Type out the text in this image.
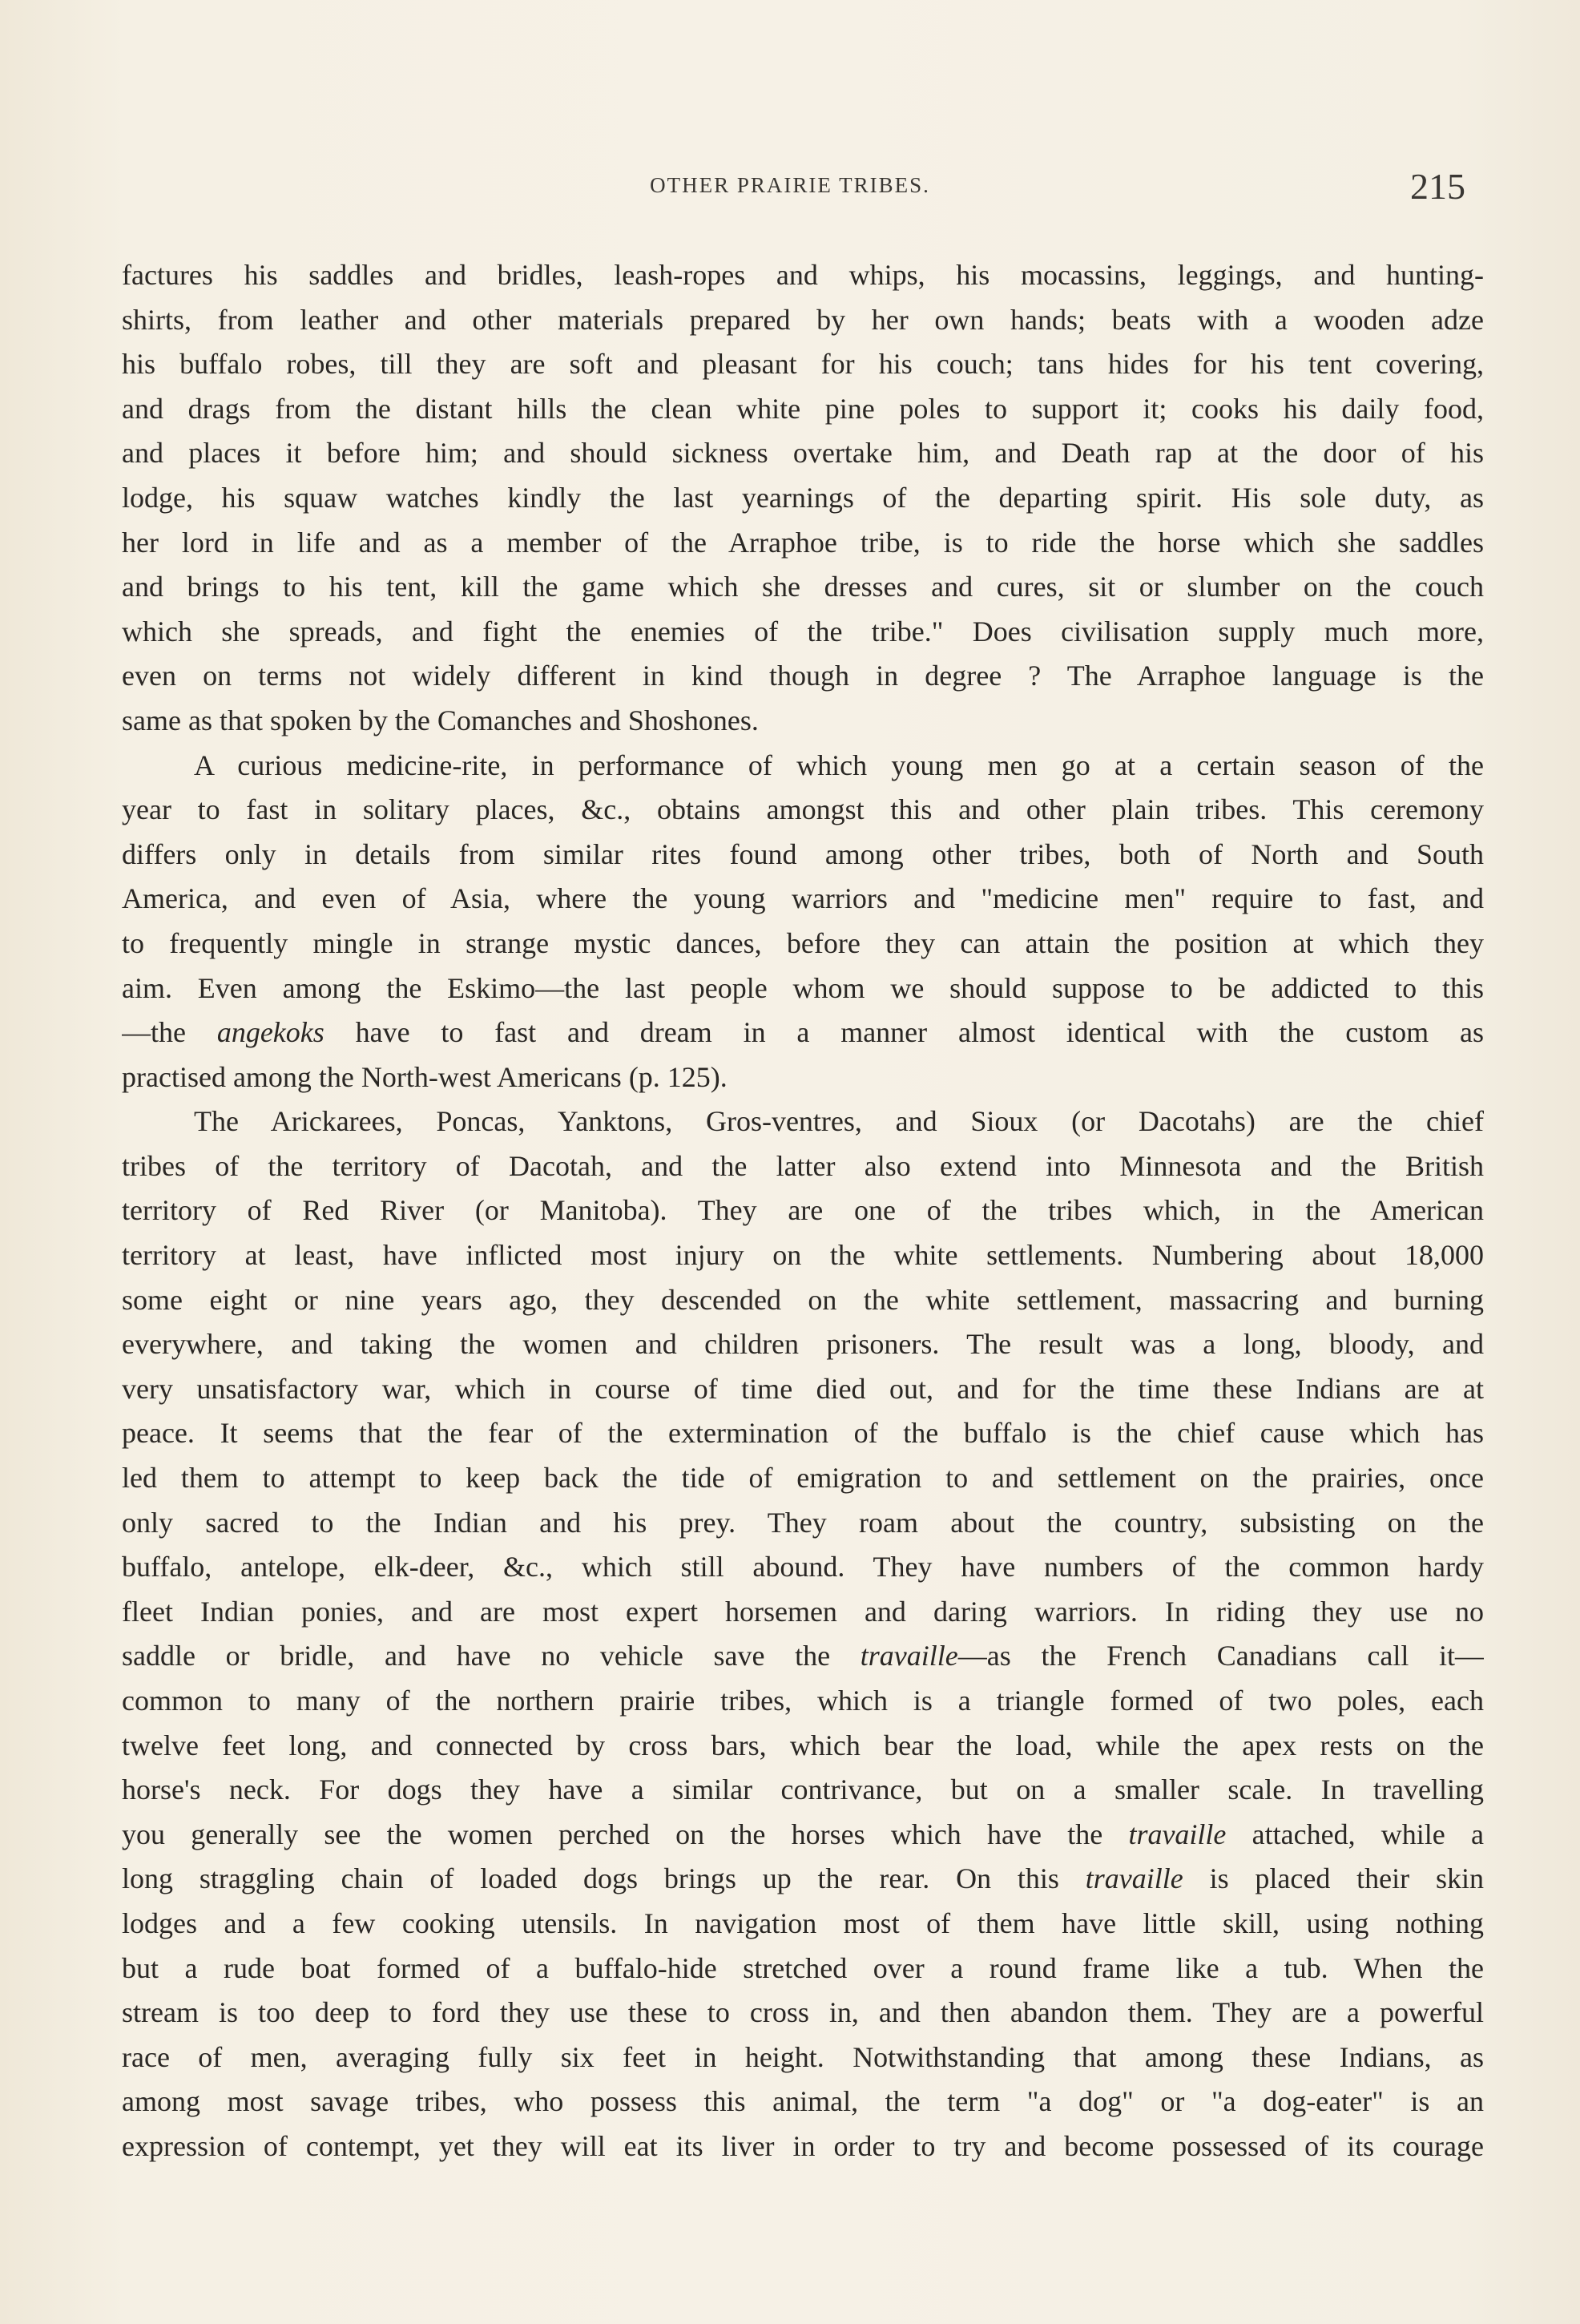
OTHER PRAIRIE TRIBES.	215
factures his saddles and bridles, leash-ropes and whips, his mocassins, leggings, and hunting-
shirts, from leather and other materials prepared by her own hands; beats with a wooden adze
his buffalo robes, till they are soft and pleasant for his couch; tans hides for his tent covering,
and drags from the distant hills the clean white pine poles to support it; cooks his daily food,
and places it before him; and should sickness overtake him, and Death rap at the door of his
lodge, his squaw watches kindly the last yearnings of the departing spirit. His sole duty, as
her lord in life and as a member of the Arraphoe tribe, is to ride the horse which she saddles
and brings to his tent, kill the game which she dresses and cures, sit or slumber on the couch
which she spreads, and fight the enemies of the tribe." Does civilisation supply much more,
even on terms not widely different in kind though in degree ? The Arraphoe language is the
same as that spoken by the Comanches and Shoshones.
A curious medicine-rite, in performance of which young men go at a certain season of the
year to fast in solitary places, &c., obtains amongst this and other plain tribes. This ceremony
differs only in details from similar rites found among other tribes, both of North and South
America, and even of Asia, where the young warriors and "medicine men" require to fast, and
to frequently mingle in strange mystic dances, before they can attain the position at which they
aim. Even among the Eskimo—the last people whom we should suppose to be addicted to this
—the angekoks have to fast and dream in a manner almost identical with the custom as
practised among the North-west Americans (p. 125).
The Arickarees, Poncas, Yanktons, Gros-ventres, and Sioux (or Dacotahs) are the chief
tribes of the territory of Dacotah, and the latter also extend into Minnesota and the British
territory of Red River (or Manitoba). They are one of the tribes which, in the American
territory at least, have inflicted most injury on the white settlements. Numbering about 18,000
some eight or nine years ago, they descended on the white settlement, massacring and burning
everywhere, and taking the women and children prisoners. The result was a long, bloody, and
very unsatisfactory war, which in course of time died out, and for the time these Indians are at
peace. It seems that the fear of the extermination of the buffalo is the chief cause which has
led them to attempt to keep back the tide of emigration to and settlement on the prairies, once
only sacred to the Indian and his prey. They roam about the country, subsisting on the
buffalo, antelope, elk-deer, &c., which still abound. They have numbers of the common hardy
fleet Indian ponies, and are most expert horsemen and daring warriors. In riding they use no
saddle or bridle, and have no vehicle save the travaille—as the French Canadians call it—
common to many of the northern prairie tribes, which is a triangle formed of two poles, each
twelve feet long, and connected by cross bars, which bear the load, while the apex rests on the
horse's neck. For dogs they have a similar contrivance, but on a smaller scale. In travelling
you generally see the women perched on the horses which have the travaille attached, while a
long straggling chain of loaded dogs brings up the rear. On this travaille is placed their skin
lodges and a few cooking utensils. In navigation most of them have little skill, using nothing
but a rude boat formed of a buffalo-hide stretched over a round frame like a tub. When the
stream is too deep to ford they use these to cross in, and then abandon them. They are a powerful
race of men, averaging fully six feet in height. Notwithstanding that among these Indians, as
among most savage tribes, who possess this animal, the term "a dog" or "a dog-eater" is an
expression of contempt, yet they will eat its liver in order to try and become possessed of its courage
